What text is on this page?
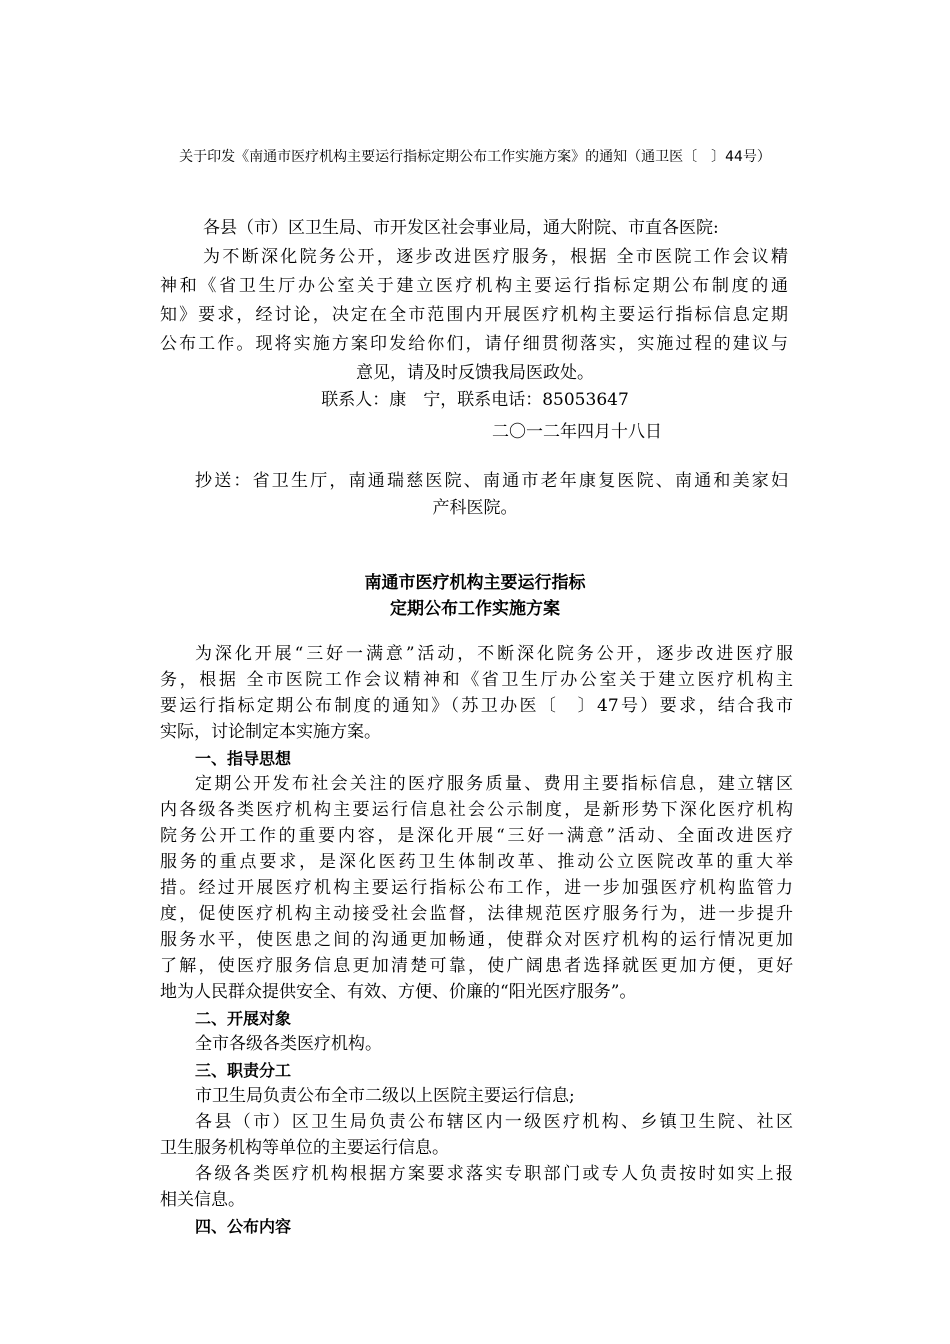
关于印发《南通市医疗机构主要运行指标定期公布工作实施方案》的通知（通卫医〔　〕44号）
各县（市）区卫生局、市开发区社会事业局，通大附院、市直各医院:
为不断深化院务公开，逐步改进医疗服务，根据 全市医院工作会议精
神和《省卫生厅办公室关于建立医疗机构主要运行指标定期公布制度的通
知》要求，经讨论，决定在全市范围内开展医疗机构主要运行指标信息定期
公布工作。现将实施方案印发给你们，请仔细贯彻落实，实施过程的建议与
意见，请及时反馈我局医政处。
联系人：康　宁，联系电话：85053647
二〇一二年四月十八日
抄送：省卫生厅，南通瑞慈医院、南通市老年康复医院、南通和美家妇
产科医院。
南通市医疗机构主要运行指标
定期公布工作实施方案
为深化开展“三好一满意”活动，不断深化院务公开，逐步改进医疗服
务，根据 全市医院工作会议精神和《省卫生厅办公室关于建立医疗机构主
要运行指标定期公布制度的通知》（苏卫办医〔　〕47号）要求，结合我市
实际，讨论制定本实施方案。
一、指导思想
定期公开发布社会关注的医疗服务质量、费用主要指标信息，建立辖区
内各级各类医疗机构主要运行信息社会公示制度，是新形势下深化医疗机构
院务公开工作的重要内容，是深化开展“三好一满意”活动、全面改进医疗
服务的重点要求，是深化医药卫生体制改革、推动公立医院改革的重大举
措。经过开展医疗机构主要运行指标公布工作，进一步加强医疗机构监管力
度，促使医疗机构主动接受社会监督，法律规范医疗服务行为，进一步提升
服务水平，使医患之间的沟通更加畅通，使群众对医疗机构的运行情况更加
了解，使医疗服务信息更加清楚可靠，使广阔患者选择就医更加方便，更好
地为人民群众提供安全、有效、方便、价廉的“阳光医疗服务”。
二、开展对象
全市各级各类医疗机构。
三、职责分工
市卫生局负责公布全市二级以上医院主要运行信息;
各县（市）区卫生局负责公布辖区内一级医疗机构、乡镇卫生院、社区
卫生服务机构等单位的主要运行信息。
各级各类医疗机构根据方案要求落实专职部门或专人负责按时如实上报
相关信息。
四、公布内容
